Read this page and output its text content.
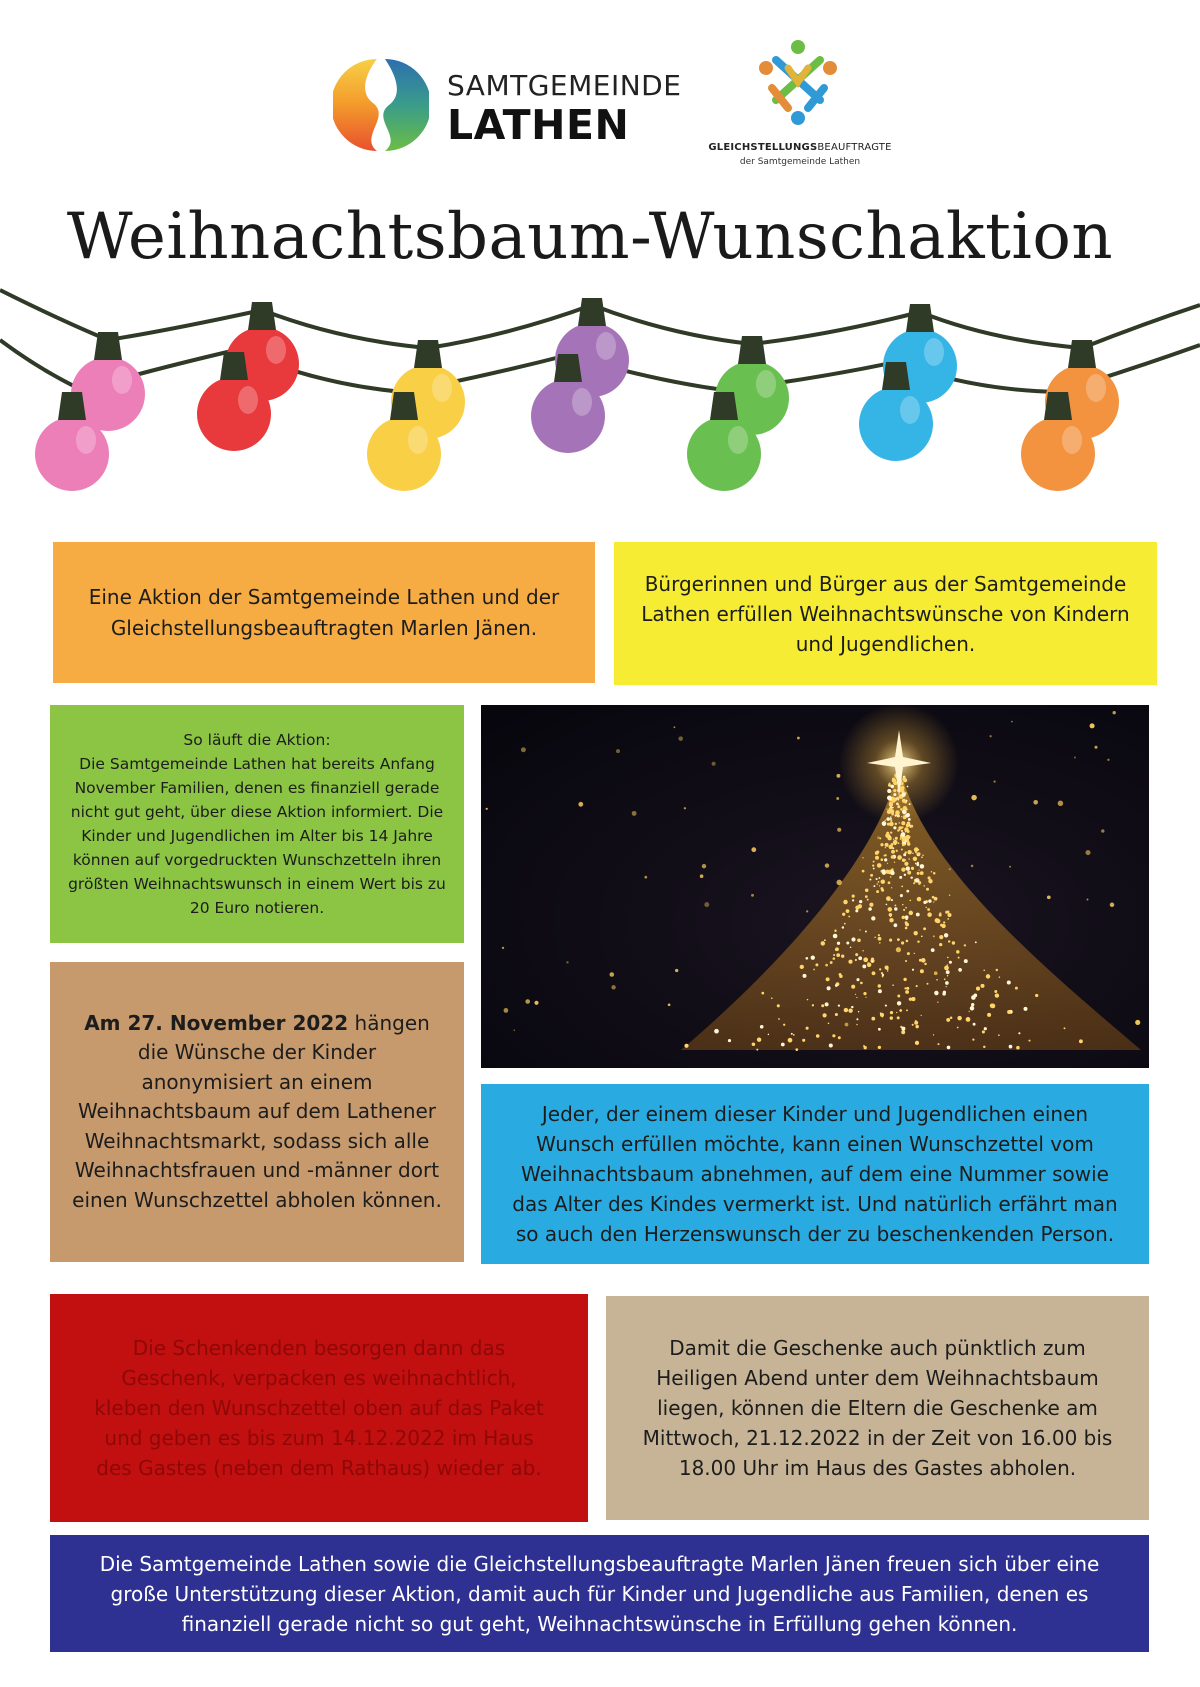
SAMTGEMEINDE
LATHEN	GLEICHSTELLUNGSBEAUFTRAGTE
der Samtgemeinde Lathen
Weihnachtsbaum-Wunschaktion
Eine Aktion der Samtgemeinde Lathen und der Gleichstellungsbeauftragten Marlen Jänen.
Bürgerinnen und Bürger aus der Samtgemeinde Lathen erfüllen Weihnachtswünsche von Kindern und Jugendlichen.
So läuft die Aktion:
Die Samtgemeinde Lathen hat bereits Anfang November Familien, denen es finanziell gerade nicht gut geht, über diese Aktion informiert. Die Kinder und Jugendlichen im Alter bis 14 Jahre können auf vorgedruckten Wunschzetteln ihren größten Weihnachtswunsch in einem Wert bis zu 20 Euro notieren.
Am 27. November 2022 hängen die Wünsche der Kinder anonymisiert an einem Weihnachtsbaum auf dem Lathener Weihnachtsmarkt, sodass sich alle Weihnachtsfrauen und -männer dort einen Wunschzettel abholen können.
Jeder, der einem dieser Kinder und Jugendlichen einen Wunsch erfüllen möchte, kann einen Wunschzettel vom Weihnachtsbaum abnehmen, auf dem eine Nummer sowie das Alter des Kindes vermerkt ist. Und natürlich erfährt man so auch den Herzenswunsch der zu beschenkenden Person.
Die Schenkenden besorgen dann das Geschenk, verpacken es weihnachtlich, kleben den Wunschzettel oben auf das Paket und geben es bis zum 14.12.2022 im Haus des Gastes (neben dem Rathaus) wieder ab.
Damit die Geschenke auch pünktlich zum Heiligen Abend unter dem Weihnachtsbaum liegen, können die Eltern die Geschenke am Mittwoch, 21.12.2022 in der Zeit von 16.00 bis 18.00 Uhr im Haus des Gastes abholen.
Die Samtgemeinde Lathen sowie die Gleichstellungsbeauftragte Marlen Jänen freuen sich über eine große Unterstützung dieser Aktion, damit auch für Kinder und Jugendliche aus Familien, denen es finanziell gerade nicht so gut geht, Weihnachtswünsche in Erfüllung gehen können.
